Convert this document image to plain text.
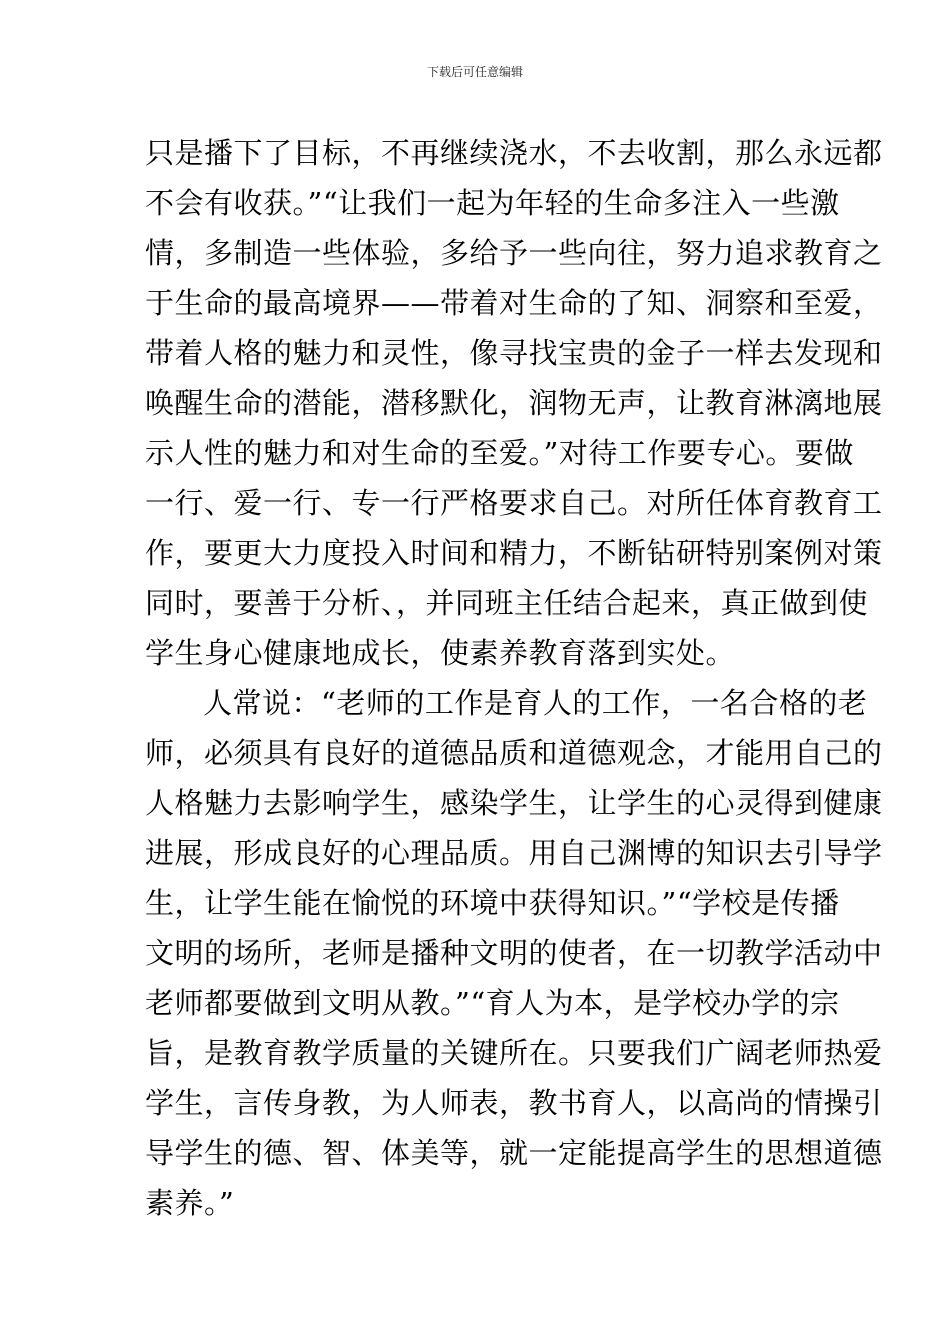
下载后可任意编辑
只是播下了目标，不再继续浇水，不去收割，那么永远都
不会有收获。”“让我们一起为年轻的生命多注入一些激
情，多制造一些体验，多给予一些向往，努力追求教育之
于生命的最高境界——带着对生命的了知、洞察和至爱，
带着人格的魅力和灵性，像寻找宝贵的金子一样去发现和
唤醒生命的潜能，潜移默化，润物无声，让教育淋漓地展
示人性的魅力和对生命的至爱。”对待工作要专心。要做
一行、爱一行、专一行严格要求自己。对所任体育教育工
作，要更大力度投入时间和精力，不断钻研特别案例对策
同时，要善于分析、，并同班主任结合起来，真正做到使
学生身心健康地成长，使素养教育落到实处。
人常说：“老师的工作是育人的工作，一名合格的老
师，必须具有良好的道德品质和道德观念，才能用自己的
人格魅力去影响学生，感染学生，让学生的心灵得到健康
进展，形成良好的心理品质。用自己渊博的知识去引导学
生，让学生能在愉悦的环境中获得知识。”“学校是传播
文明的场所，老师是播种文明的使者，在一切教学活动中
老师都要做到文明从教。”“育人为本，是学校办学的宗
旨，是教育教学质量的关键所在。只要我们广阔老师热爱
学生，言传身教，为人师表，教书育人，以高尚的情操引
导学生的德、智、体美等，就一定能提高学生的思想道德
素养。”
